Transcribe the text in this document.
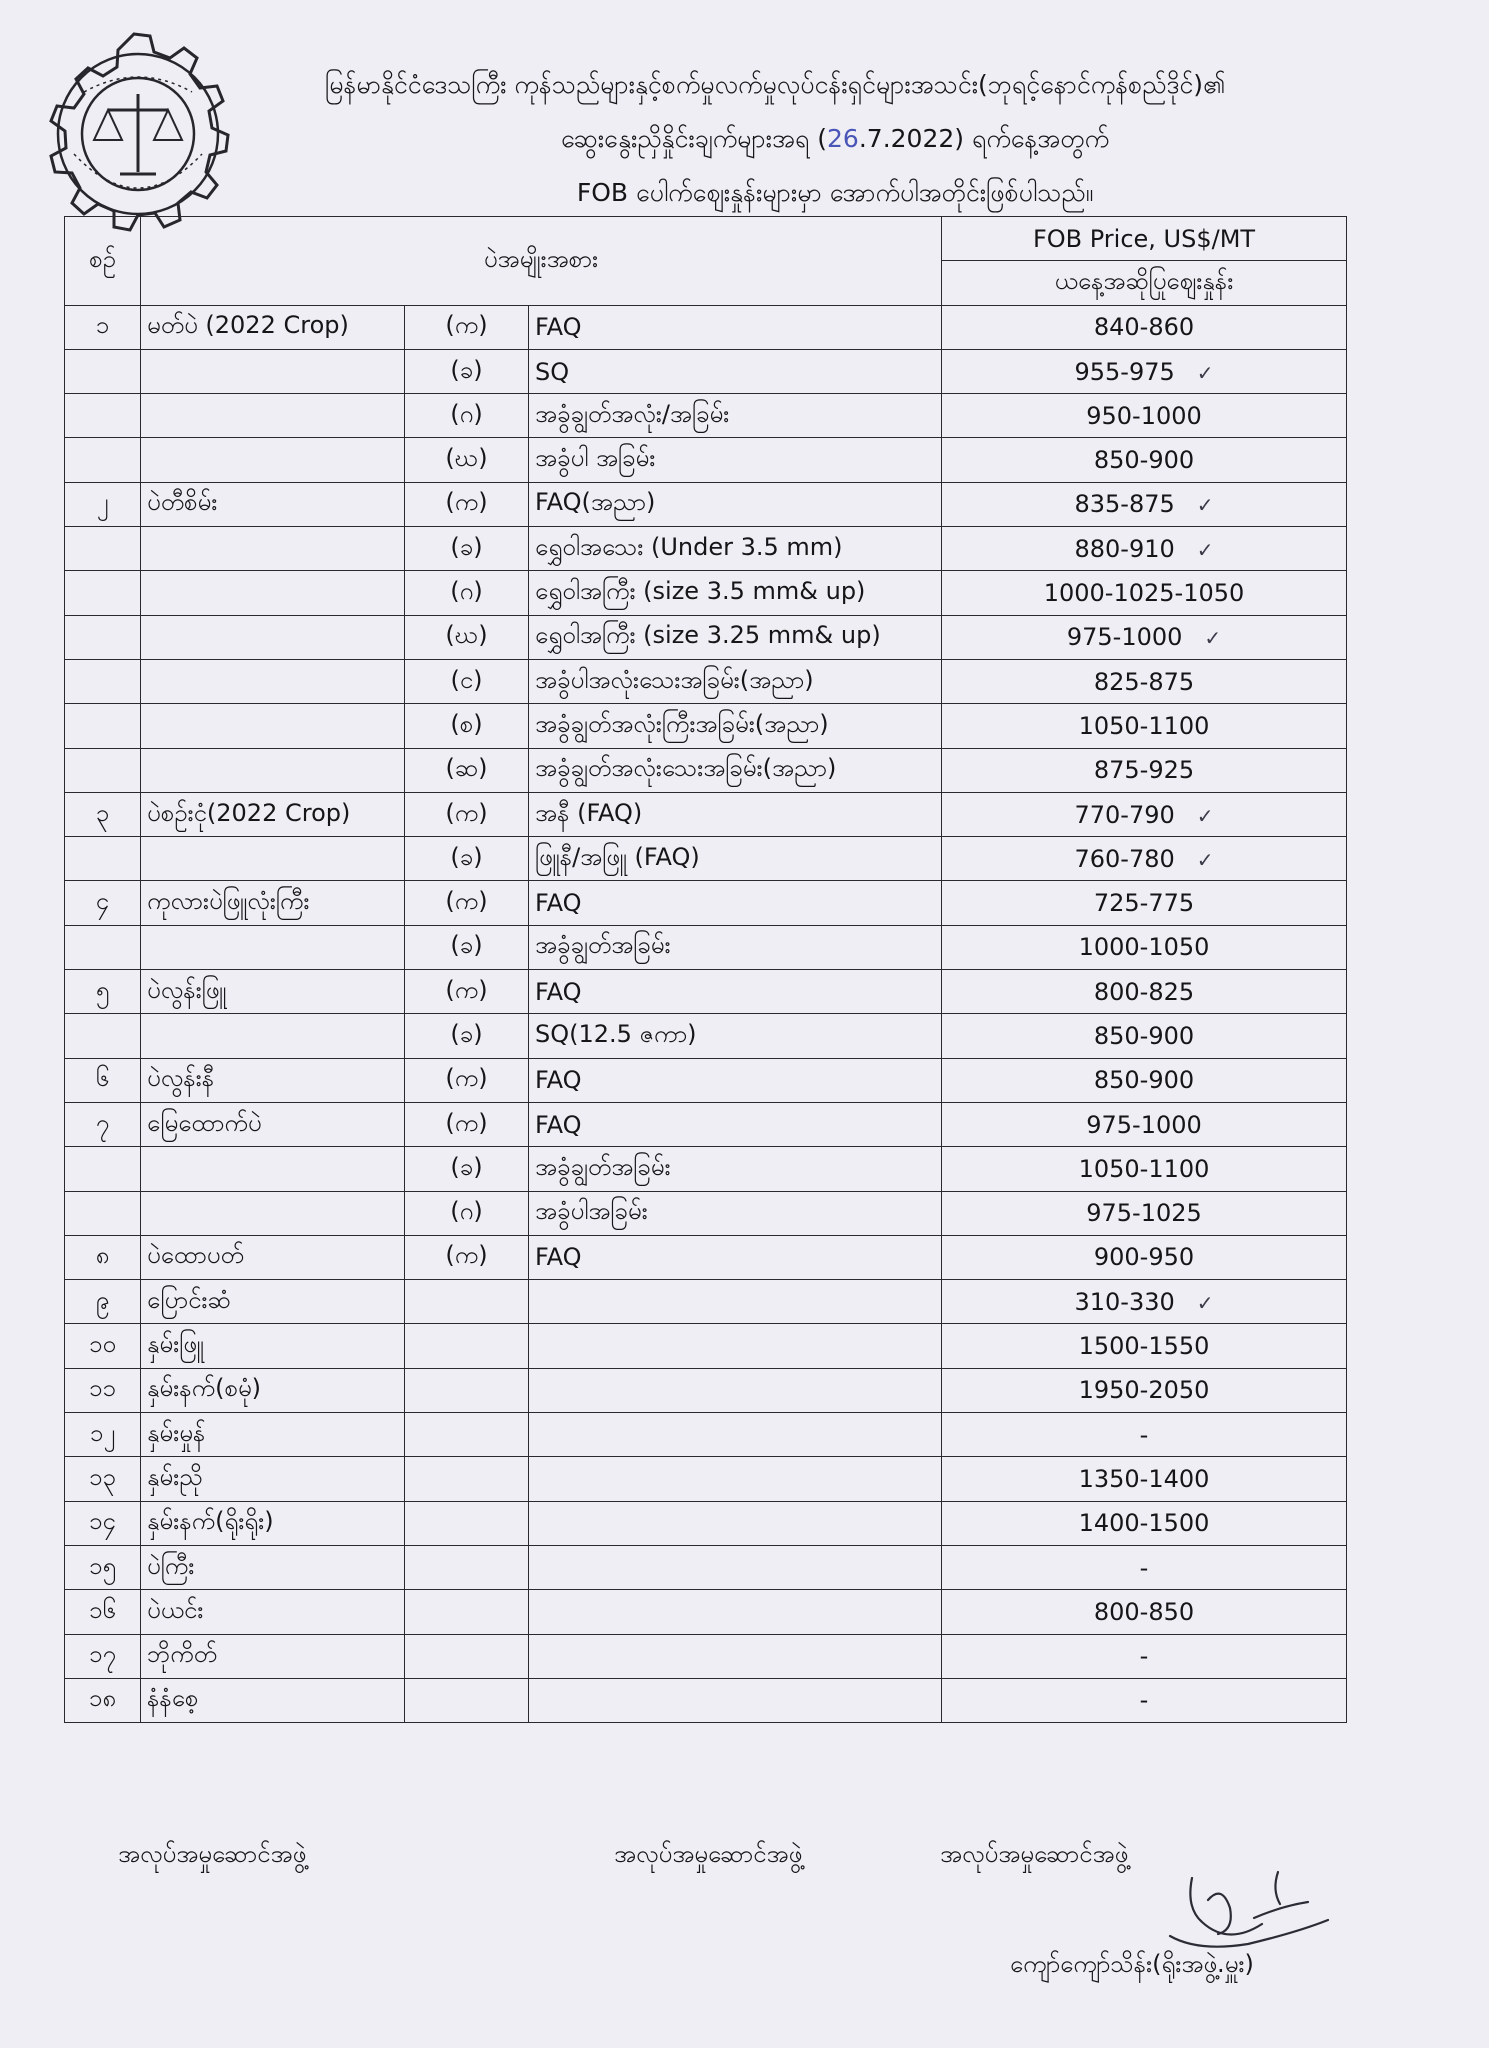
မြန်မာနိုင်ငံဒေသကြီး ကုန်သည်များနှင့်စက်မှုလက်မှုလုပ်ငန်းရှင်များအသင်း(ဘုရင့်နောင်ကုန်စည်ဒိုင်)၏
ဆွေးနွေးညှိနှိုင်းချက်များအရ (26.7.2022) ရက်နေ့အတွက်
FOB ပေါက်ဈေးနှုန်းများမှာ အောက်ပါအတိုင်းဖြစ်ပါသည်။
စဉ်	ပဲအမျိုးအစား			FOB Price, US$/MT
				ယနေ့အဆိုပြုဈေးနှုန်း
၁	မတ်ပဲ (2022 Crop)	(က)	FAQ	840-860
		(ခ)	SQ	955-975 ✓
		(ဂ)	အခွံချွတ်အလုံး/အခြမ်း	950-1000
		(ဃ)	အခွံပါ အခြမ်း	850-900
၂	ပဲတီစိမ်း	(က)	FAQ(အညာ)	835-875 ✓
		(ခ)	ရွှေဝါအသေး (Under 3.5 mm)	880-910 ✓
		(ဂ)	ရွှေဝါအကြီး (size 3.5 mm& up)	1000-1025-1050
		(ဃ)	ရွှေဝါအကြီး (size 3.25 mm& up)	975-1000 ✓
		(င)	အခွံပါအလုံးသေးအခြမ်း(အညာ)	825-875
		(စ)	အခွံချွတ်အလုံးကြီးအခြမ်း(အညာ)	1050-1100
		(ဆ)	အခွံချွတ်အလုံးသေးအခြမ်း(အညာ)	875-925
၃	ပဲစဉ်းငုံ(2022 Crop)	(က)	အနီ (FAQ)	770-790 ✓
		(ခ)	ဖြူနီ/အဖြူ (FAQ)	760-780 ✓
၄	ကုလားပဲဖြူလုံးကြီး	(က)	FAQ	725-775
		(ခ)	အခွံချွတ်အခြမ်း	1000-1050
၅	ပဲလွန်းဖြူ	(က)	FAQ	800-825
		(ခ)	SQ(12.5 ဇကာ)	850-900
၆	ပဲလွန်းနီ	(က)	FAQ	850-900
၇	မြေထောက်ပဲ	(က)	FAQ	975-1000
		(ခ)	အခွံချွတ်အခြမ်း	1050-1100
		(ဂ)	အခွံပါအခြမ်း	975-1025
၈	ပဲထောပတ်	(က)	FAQ	900-950
၉	ပြောင်းဆံ			310-330 ✓
၁၀	နှမ်းဖြူ			1500-1550
၁၁	နှမ်းနက်(စမုံ)			1950-2050
၁၂	နှမ်းမှုန်			-
၁၃	နှမ်းညို			1350-1400
၁၄	နှမ်းနက်(ရိုးရိုး)			1400-1500
၁၅	ပဲကြီး			-
၁၆	ပဲယင်း			800-850
၁၇	ဘိုကိတ်			-
၁၈	နံနံစေ့			-
အလုပ်အမှုဆောင်အဖွဲ့	အလုပ်အမှုဆောင်အဖွဲ့	အလုပ်အမှုဆောင်အဖွဲ့
ကျော်ကျော်သိန်း(ရိုးအဖွဲ့.မှူး)
